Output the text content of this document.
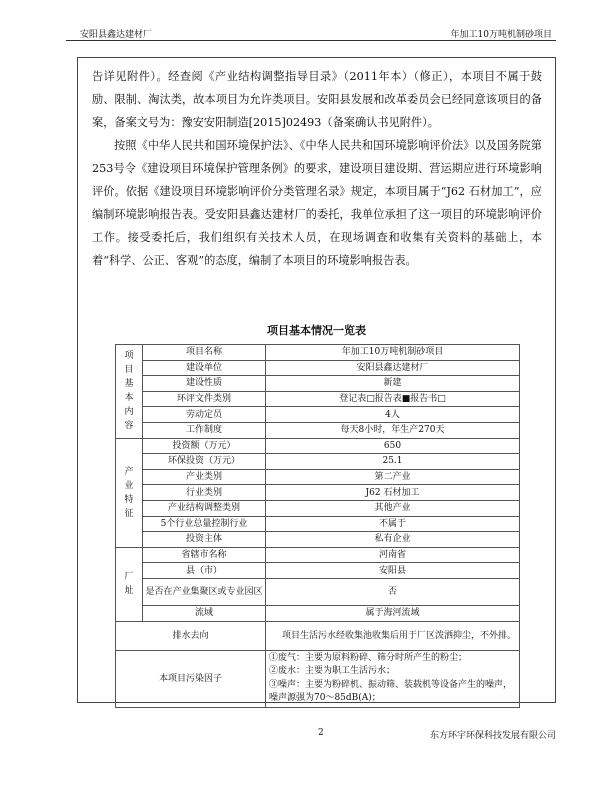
安阳县鑫达建材厂	年加工10万吨机制砂项目

告详见附件）。经查阅《产业结构调整指导目录》（2011年本）（修正），本项目不属于鼓励、限制、淘汰类，故本项目为允许类项目。安阳县发展和改革委员会已经同意该项目的备案，备案文号为：豫安安阳制造[2015]02493（备案确认书见附件）。

按照《中华人民共和国环境保护法》、《中华人民共和国环境影响评价法》以及国务院第253号令《建设项目环境保护管理条例》的要求，建设项目建设期、营运期应进行环境影响评价。依据《建设项目环境影响评价分类管理名录》规定，本项目属于“J62 石材加工”，应编制环境影响报告表。受安阳县鑫达建材厂的委托，我单位承担了这一项目的环境影响评价工作。接受委托后，我们组织有关技术人员，在现场调查和收集有关资料的基础上，本着“科学、公正、客观”的态度，编制了本项目的环境影响报告表。

项目基本情况一览表
项目基本内容	项目名称	年加工10万吨机制砂项目
	建设单位	安阳县鑫达建材厂
	建设性质	新建
	环评文件类别	登记表□报告表■报告书□
	劳动定员	4人
	工作制度	每天8小时，年生产270天

产业特征	投资额（万元）	650
	环保投资（万元）	25.1
	产业类别	第二产业
	行业类别	J62 石材加工
	产业结构调整类别	其他产业
	5个行业总量控制行业	不属于
	投资主体	私有企业

厂址	省辖市名称	河南省
	县（市）	安阳县
	是否在产业集聚区或专业园区	否
	流域	属于海河流域
排水去向		项目生活污水经收集池收集后用于厂区泼洒抑尘，不外排。
本项目污染因子		①废气：主要为原料粉碎、筛分时所产生的粉尘；
②废水：主要为职工生活污水；
③噪声：主要为粉碎机、振动筛、装载机等设备产生的噪声，噪声源强为70～85dB(A)；
2	东方环宇环保科技发展有限公司
